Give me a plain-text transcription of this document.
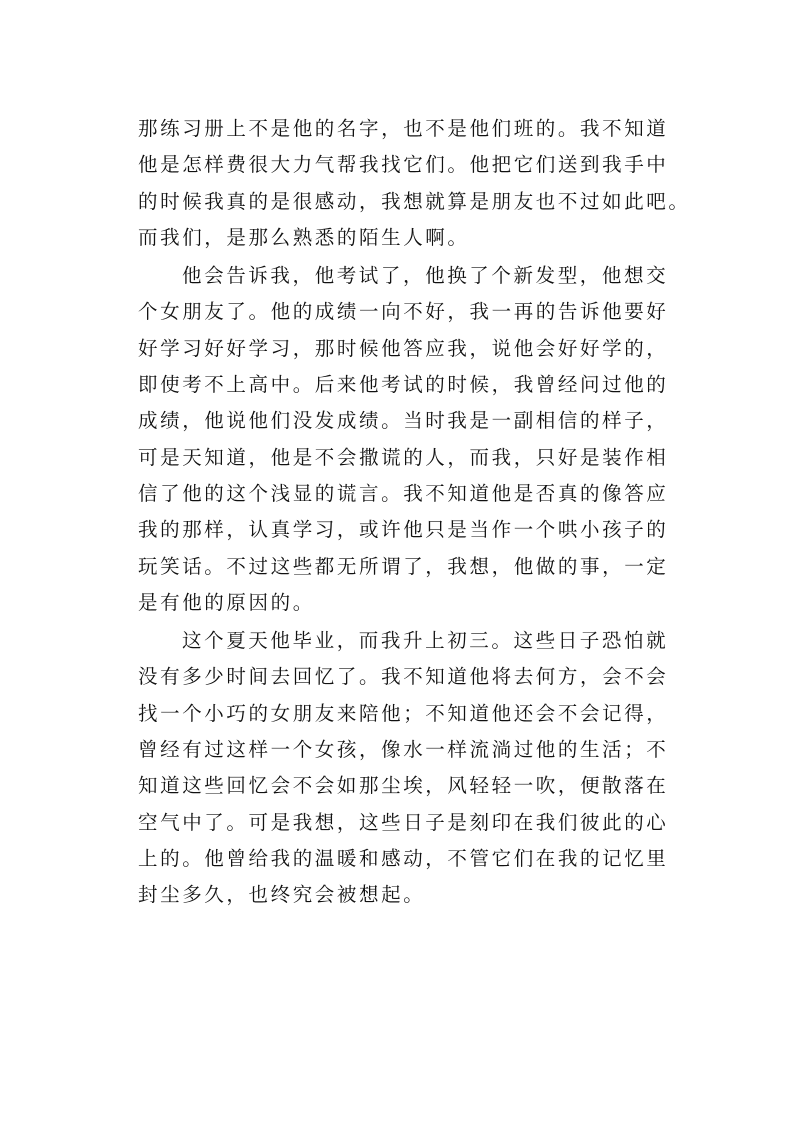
那练习册上不是他的名字，也不是他们班的。我不知道
他是怎样费很大力气帮我找它们。他把它们送到我手中
的时候我真的是很感动，我想就算是朋友也不过如此吧。
而我们，是那么熟悉的陌生人啊。
他会告诉我，他考试了，他换了个新发型，他想交
个女朋友了。他的成绩一向不好，我一再的告诉他要好
好学习好好学习，那时候他答应我，说他会好好学的，
即使考不上高中。后来他考试的时候，我曾经问过他的
成绩，他说他们没发成绩。当时我是一副相信的样子，
可是天知道，他是不会撒谎的人，而我，只好是装作相
信了他的这个浅显的谎言。我不知道他是否真的像答应
我的那样，认真学习，或许他只是当作一个哄小孩子的
玩笑话。不过这些都无所谓了，我想，他做的事，一定
是有他的原因的。
这个夏天他毕业，而我升上初三。这些日子恐怕就
没有多少时间去回忆了。我不知道他将去何方，会不会
找一个小巧的女朋友来陪他；不知道他还会不会记得，
曾经有过这样一个女孩，像水一样流淌过他的生活；不
知道这些回忆会不会如那尘埃，风轻轻一吹，便散落在
空气中了。可是我想，这些日子是刻印在我们彼此的心
上的。他曾给我的温暖和感动，不管它们在我的记忆里
封尘多久，也终究会被想起。
